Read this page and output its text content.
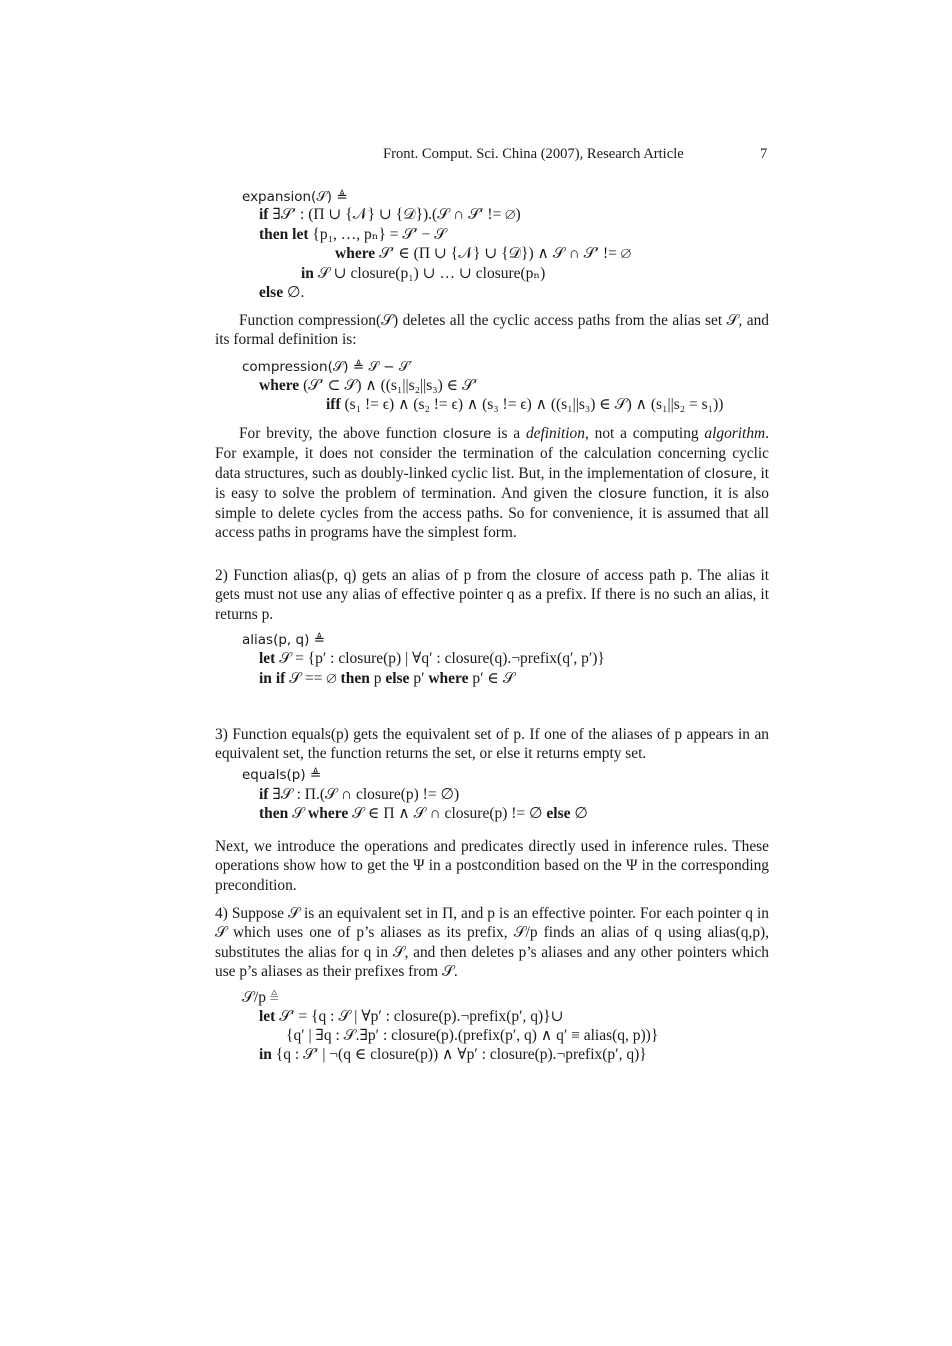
Front. Comput. Sci. China (2007), Research Article	7
expansion(𝒮) ≜
if ∃𝒮′ : (Π ∪ {𝒩} ∪ {𝒟}).(𝒮 ∩ 𝒮′ != ∅)
then let {p₁, …, pₙ} = 𝒮′ − 𝒮
where 𝒮′ ∈ (Π ∪ {𝒩} ∪ {𝒟}) ∧ 𝒮 ∩ 𝒮′ != ∅
in 𝒮 ∪ closure(p₁) ∪ … ∪ closure(pₙ)
else ∅.

Function compression(𝒮) deletes all the cyclic access paths from the alias set 𝒮, and its formal definition is:

compression(𝒮) ≜ 𝒮 − 𝒮′
where (𝒮′ ⊂ 𝒮) ∧ ((s₁||s₂||s₃) ∈ 𝒮′
iff (s₁ != ϵ) ∧ (s₂ != ϵ) ∧ (s₃ != ϵ) ∧ ((s₁||s₃) ∈ 𝒮) ∧ (s₁||s₂ = s₁))

For brevity, the above function closure is a definition, not a computing algorithm. For example, it does not consider the termination of the calculation concerning cyclic data structures, such as doubly-linked cyclic list. But, in the implementation of closure, it is easy to solve the problem of termination. And given the closure function, it is also simple to delete cycles from the access paths. So for convenience, it is assumed that all access paths in programs have the simplest form.

2) Function alias(p, q) gets an alias of p from the closure of access path p. The alias it gets must not use any alias of effective pointer q as a prefix. If there is no such an alias, it returns p.

alias(p, q) ≜
let 𝒮 = {p′ : closure(p) | ∀q′ : closure(q).¬prefix(q′, p′)}
in if 𝒮 == ∅ then p else p′ where p′ ∈ 𝒮

3) Function equals(p) gets the equivalent set of p. If one of the aliases of p appears in an equivalent set, the function returns the set, or else it returns empty set.

equals(p) ≜
if ∃𝒮 : Π.(𝒮 ∩ closure(p) != ∅)
then 𝒮 where 𝒮 ∈ Π ∧ 𝒮 ∩ closure(p) != ∅ else ∅

Next, we introduce the operations and predicates directly used in inference rules. These operations show how to get the Ψ in a postcondition based on the Ψ in the corresponding precondition.

4) Suppose 𝒮 is an equivalent set in Π, and p is an effective pointer. For each pointer q in 𝒮 which uses one of p’s aliases as its prefix, 𝒮/p finds an alias of q using alias(q,p), substitutes the alias for q in 𝒮, and then deletes p’s aliases and any other pointers which use p’s aliases as their prefixes from 𝒮.

𝒮/p ≜
let 𝒮′ = {q : 𝒮 | ∀p′ : closure(p).¬prefix(p′, q)}∪
{q′ | ∃q : 𝒮.∃p′ : closure(p).(prefix(p′, q) ∧ q′ ≡ alias(q, p))}
in {q : 𝒮′ | ¬(q ∈ closure(p)) ∧ ∀p′ : closure(p).¬prefix(p′, q)}
